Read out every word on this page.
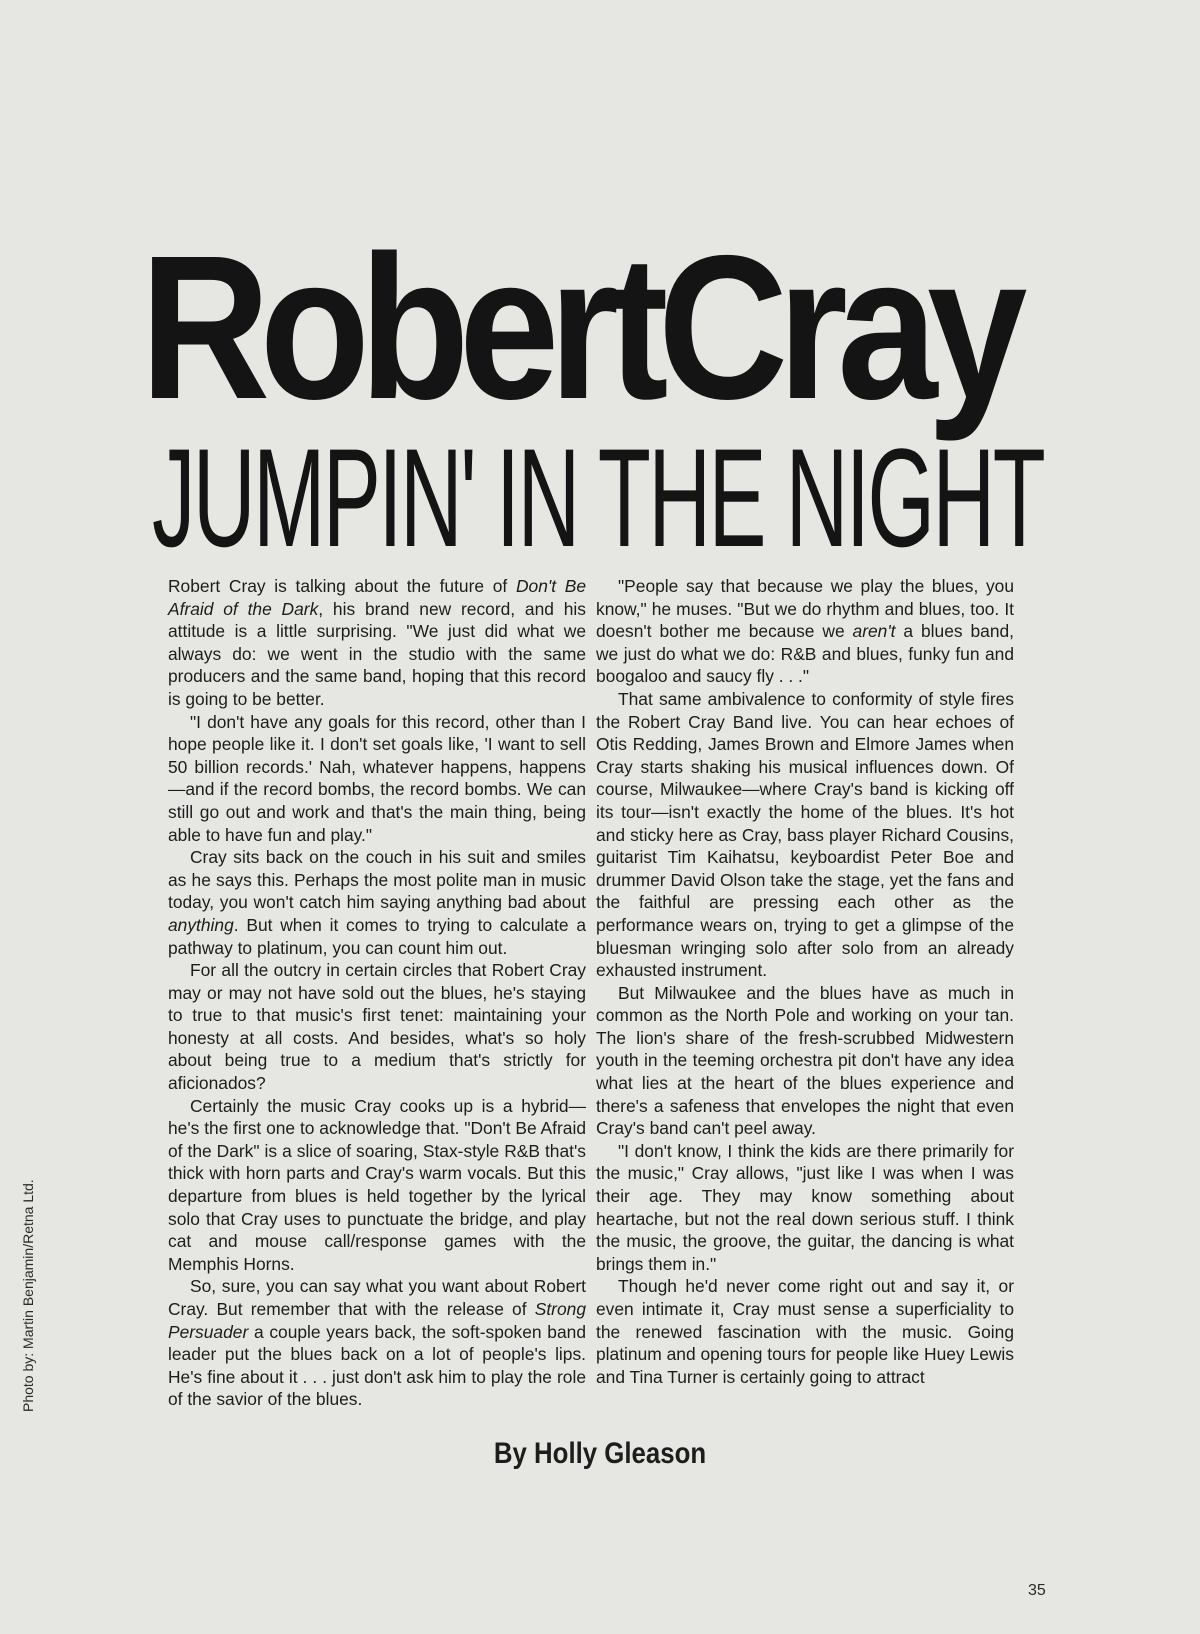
RobertCray
JUMPIN' IN THE NIGHT

Robert Cray is talking about the future of Don't Be Afraid of the Dark, his brand new record, and his attitude is a little surprising. "We just did what we always do: we went in the studio with the same producers and the same band, hoping that this record is going to be better.

"I don't have any goals for this record, other than I hope people like it. I don't set goals like, 'I want to sell 50 billion records.' Nah, whatever happens, happens—and if the record bombs, the record bombs. We can still go out and work and that's the main thing, being able to have fun and play."

Cray sits back on the couch in his suit and smiles as he says this. Perhaps the most polite man in music today, you won't catch him saying anything bad about anything. But when it comes to trying to calculate a pathway to platinum, you can count him out.

For all the outcry in certain circles that Robert Cray may or may not have sold out the blues, he's staying to true to that music's first tenet: maintaining your honesty at all costs. And besides, what's so holy about being true to a medium that's strictly for aficionados?

Certainly the music Cray cooks up is a hybrid—he's the first one to acknowledge that. "Don't Be Afraid of the Dark" is a slice of soaring, Stax-style R&B that's thick with horn parts and Cray's warm vocals. But this departure from blues is held together by the lyrical solo that Cray uses to punctuate the bridge, and play cat and mouse call/response games with the Memphis Horns.

So, sure, you can say what you want about Robert Cray. But remember that with the release of Strong Persuader a couple years back, the soft-spoken band leader put the blues back on a lot of people's lips. He's fine about it . . . just don't ask him to play the role of the savior of the blues.

"People say that because we play the blues, you know," he muses. "But we do rhythm and blues, too. It doesn't bother me because we aren't a blues band, we just do what we do: R&B and blues, funky fun and boogaloo and saucy fly . . ."

That same ambivalence to conformity of style fires the Robert Cray Band live. You can hear echoes of Otis Redding, James Brown and Elmore James when Cray starts shaking his musical influences down. Of course, Milwaukee—where Cray's band is kicking off its tour—isn't exactly the home of the blues. It's hot and sticky here as Cray, bass player Richard Cousins, guitarist Tim Kaihatsu, keyboardist Peter Boe and drummer David Olson take the stage, yet the fans and the faithful are pressing each other as the performance wears on, trying to get a glimpse of the bluesman wringing solo after solo from an already exhausted instrument.

But Milwaukee and the blues have as much in common as the North Pole and working on your tan. The lion's share of the fresh-scrubbed Midwestern youth in the teeming orchestra pit don't have any idea what lies at the heart of the blues experience and there's a safeness that envelopes the night that even Cray's band can't peel away.

"I don't know, I think the kids are there primarily for the music," Cray allows, "just like I was when I was their age. They may know something about heartache, but not the real down serious stuff. I think the music, the groove, the guitar, the dancing is what brings them in."

Though he'd never come right out and say it, or even intimate it, Cray must sense a superficiality to the renewed fascination with the music. Going platinum and opening tours for people like Huey Lewis and Tina Turner is certainly going to attract

By Holly Gleason
Photo by: Martin Benjamin/Retna Ltd.
35
